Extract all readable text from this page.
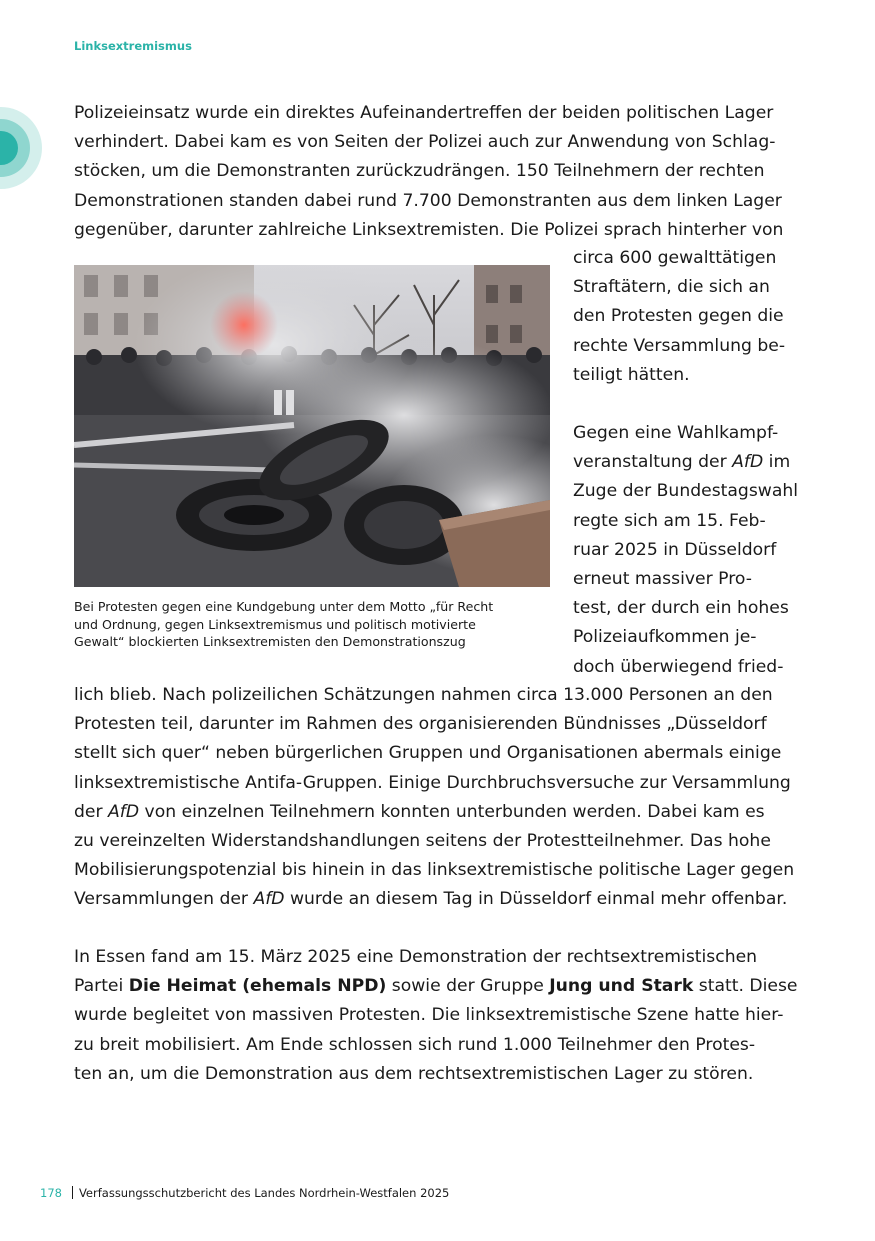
Linksextremismus

Polizeieinsatz wurde ein direktes Aufeinandertreffen der beiden politischen Lager
verhindert. Dabei kam es von Seiten der Polizei auch zur Anwendung von Schlag-
stöcken, um die Demonstranten zurückzudrängen. 150 Teilnehmern der rechten
Demonstrationen standen dabei rund 7.700 Demonstranten aus dem linken Lager
gegenüber, darunter zahlreiche Linksextremisten. Die Polizei sprach hinterher von

circa 600 gewalttätigen
Straftätern, die sich an
den Protesten gegen die
rechte Versammlung be-
teiligt hätten.

Gegen eine Wahlkampf-
veranstaltung der AfD im
Zuge der Bundestagswahl
regte sich am 15. Feb-
ruar 2025 in Düsseldorf
erneut massiver Pro-
test, der durch ein hohes
Polizeiaufkommen je-
doch überwiegend fried-

Bei Protesten gegen eine Kundgebung unter dem Motto „für Recht
und Ordnung, gegen Linksextremismus und politisch motivierte
Gewalt“ blockierten Linksextremisten den Demonstrationszug

lich blieb. Nach polizeilichen Schätzungen nahmen circa 13.000 Personen an den
Protesten teil, darunter im Rahmen des organisierenden Bündnisses „Düsseldorf
stellt sich quer“ neben bürgerlichen Gruppen und Organisationen abermals einige
linksextremistische Antifa-Gruppen. Einige Durchbruchsversuche zur Versammlung
der AfD von einzelnen Teilnehmern konnten unterbunden werden. Dabei kam es
zu vereinzelten Widerstandshandlungen seitens der Protestteilnehmer. Das hohe
Mobilisierungspotenzial bis hinein in das linksextremistische politische Lager gegen
Versammlungen der AfD wurde an diesem Tag in Düsseldorf einmal mehr offenbar.

In Essen fand am 15. März 2025 eine Demonstration der rechtsextremistischen
Partei Die Heimat (ehemals NPD) sowie der Gruppe Jung und Stark statt. Diese
wurde begleitet von massiven Protesten. Die linksextremistische Szene hatte hier-
zu breit mobilisiert. Am Ende schlossen sich rund 1.000 Teilnehmer den Protes-
ten an, um die Demonstration aus dem rechtsextremistischen Lager zu stören.

178 Verfassungsschutzbericht des Landes Nordrhein-Westfalen 2025
